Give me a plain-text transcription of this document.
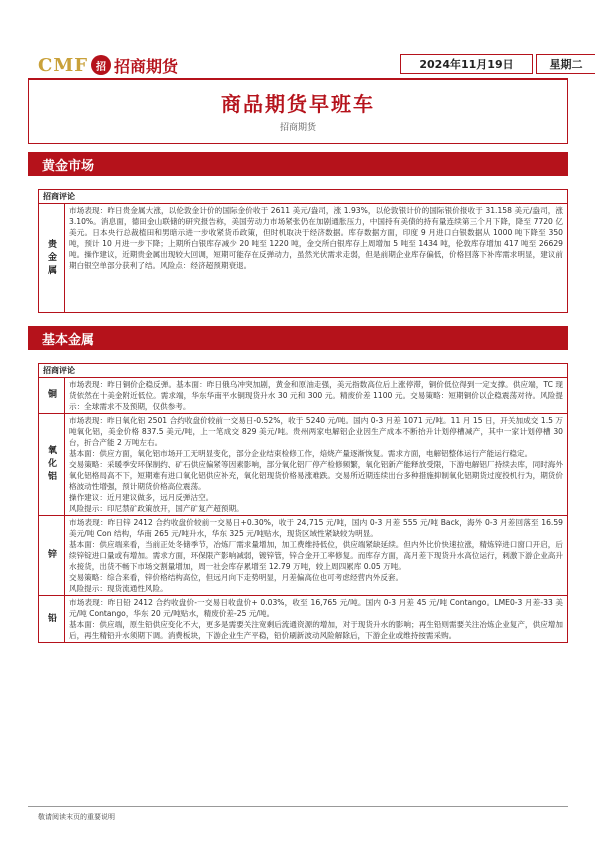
CMF 招 招商期货	2024年11月19日	星期二
商品期货早班车
招商期货
黄金市场
招商评论
贵金属

市场表现：昨日贵金属大涨，以伦敦金计价的国际金价收于 2611 美元/盎司，涨 1.93%，以伦敦银计价的国际银价报收于 31.158 美元/盎司，涨 3.10%。消息面，德田金山联储的研究报告称，美国劳动力市场紧张仍在加剧通胀压力，中国持有美债的持有量连续第三个月下降，降至 7720 亿美元。日本央行总裁植田和男暗示进一步收紧货币政策，但时机取决于经济数据。库存数据方面，印度 9 月进口白银数据从 1000 吨下降至 350 吨，预计 10 月进一步下降；上期所白银库存减少 20 吨至 1220 吨，金交所白银库存上周增加 5 吨至 1434 吨，伦敦库存增加 417 吨至 26629 吨。操作建议，近期贵金属出现较大回调，短期可能存在反弹动力，虽然光伏需求走弱，但是前期企业库存偏低，价格回落下补库需求明显，建议前期白银空单部分获利了结。风险点：经济超预期衰退。

基本金属
招商评论
铜

市场表现：昨日铜价企稳反弹。基本面：昨日俄乌冲突加剧，黄金和原油走强，美元指数高位后上涨停滞，铜价低位得到一定支撑。供应端，TC 现货依然在十美金附近低位。需求端，华东华南平水铜现货升水 30 元和 300 元。精废价差 1100 元。交易策略：短期铜价以企稳震荡对待。风险提示：全球需求不及预期，仅供参考。

氧化铝

市场表现：昨日氧化铝 2501 合约收盘价较前一交易日-0.52%，收于 5240 元/吨。国内 0-3 月差 1071 元/吨。11 月 15 日，开关加成交 1.5 万吨氧化铝，美金价格 837.5 美元/吨，上一笔成交 829 美元/吨。贵州两家电解铝企业因生产成本不断抬升计划停槽减产，其中一家计划停槽 30 台，折合产能 2 万吨左右。

基本面：供应方面，氧化铝市场开工无明显变化，部分企业结束检修工作，焙烧产量逐渐恢复。需求方面，电解铝整体运行产能运行稳定。

交易策略：采暖季安环保制约、矿石供应偏紧等因素影响，部分氧化铝厂停产检修频繁，氧化铝新产能释放受限，下游电解铝厂持续去库，同时海外氧化铝格局高不下，短期难有进口氧化铝供应补充，氧化铝现货价格易涨难跌。交易所近期连续出台多种措施抑制氧化铝期货过度投机行为，期货价格波动性增强，预计期货价格高位震荡。

操作建议：近月建议做多，远月反弹沽空。

风险提示：印尼禁矿政策放开，国产矿复产超预期。

锌

市场表现：昨日锌 2412 合约收盘价较前一交易日+0.30%，收于 24,715 元/吨，国内 0-3 月差 555 元/吨 Back，海外 0-3 月差回落至 16.59 美元/吨 Con 结构，华南 265 元/吨升水，华东 325 元/吨贴水，现货区域性紧缺较为明显。

基本面：供应端来看，当前正处冬储季节，冶炼厂需求量增加，加工费维持低位，供应端紧缺延续。但内外比价快速拉涨，精炼锌进口窗口开启，后续锌锭进口量或有增加。需求方面，环保限产影响减弱，镀锌管，锌合金开工率修复。而库存方面，高月差下现货升水高位运行，刺激下游企业高升水接货，出货不畅下市场交割量增加，周一社会库存累增至 12.79 万吨，较上周四累库 0.05 万吨。

交易策略：综合来看，锌价格结构高位，但远月向下走势明显，月差偏高位也可考虑经营内外反套。

风险提示：现货流通性风险。

铅

市场表现：昨日铅 2412 合约收盘价-一交易日收盘价+ 0.03%，收至 16,765 元/吨。国内 0-3 月差 45 元/吨 Contango。LME0-3 月差-33 美元/吨 Contango，华东 20 元/吨贴水，精废价差-25 元/吨。

基本面：供应端，原生铅供应变化不大，更多是需要关注宽剩后流通资源的增加，对于现货升水的影响；再生铅则需要关注冶炼企业复产，供应增加后，再生精铅升水须期下调。消费板块，下游企业生产平稳，铅价刷新波动风险解除后，下游企业或维持按需采购。

敬请阅读末页的重要说明
